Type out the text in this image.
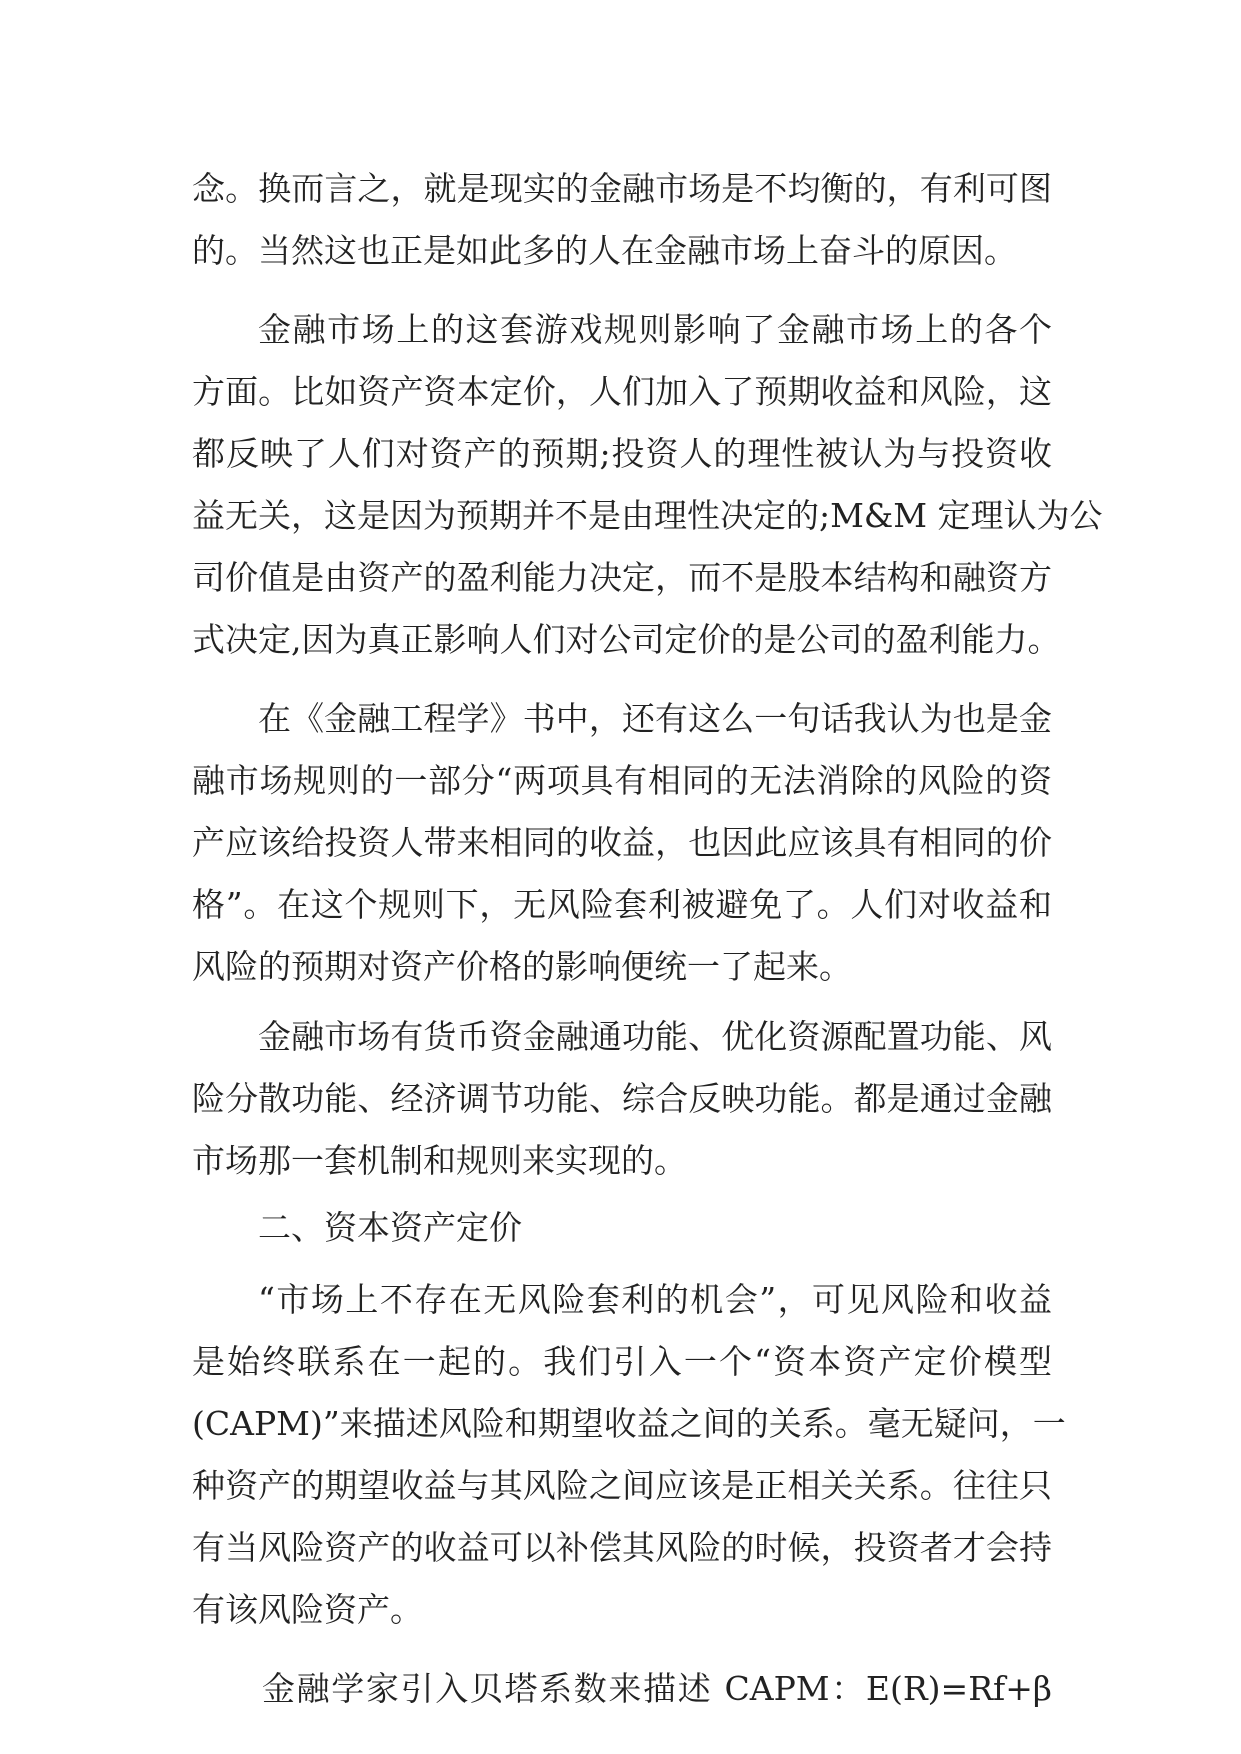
念。换而言之，就是现实的金融市场是不均衡的，有利可图
的。当然这也正是如此多的人在金融市场上奋斗的原因。
金融市场上的这套游戏规则影响了金融市场上的各个
方面。比如资产资本定价，人们加入了预期收益和风险，这
都反映了人们对资产的预期;投资人的理性被认为与投资收
益无关，这是因为预期并不是由理性决定的;M&M 定理认为公
司价值是由资产的盈利能力决定，而不是股本结构和融资方
式决定,因为真正影响人们对公司定价的是公司的盈利能力。
在《金融工程学》书中，还有这么一句话我认为也是金
融市场规则的一部分“两项具有相同的无法消除的风险的资
产应该给投资人带来相同的收益，也因此应该具有相同的价
格”。在这个规则下，无风险套利被避免了。人们对收益和
风险的预期对资产价格的影响便统一了起来。
金融市场有货币资金融通功能、优化资源配置功能、风
险分散功能、经济调节功能、综合反映功能。都是通过金融
市场那一套机制和规则来实现的。
二、资本资产定价
“市场上不存在无风险套利的机会”，可见风险和收益
是始终联系在一起的。我们引入一个“资本资产定价模型
(CAPM)”来描述风险和期望收益之间的关系。毫无疑问，一
种资产的期望收益与其风险之间应该是正相关关系。往往只
有当风险资产的收益可以补偿其风险的时候，投资者才会持
有该风险资产。
金融学家引入贝塔系数来描述 CAPM：E(R)=Rf+β
